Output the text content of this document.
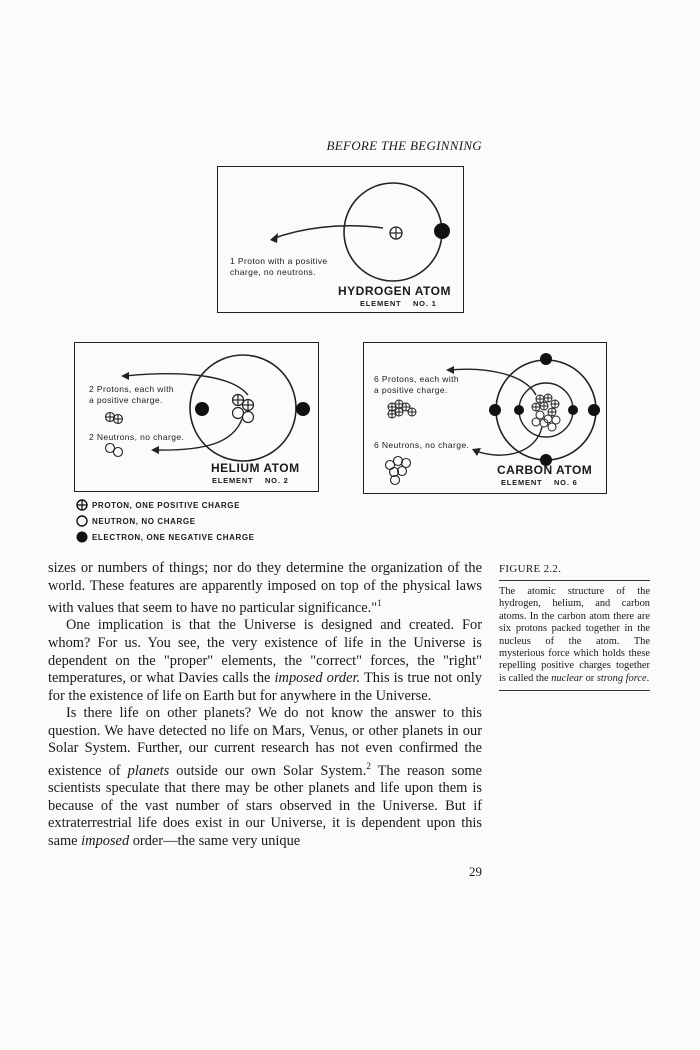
BEFORE THE BEGINNING
1 Proton with a positive
charge, no neutrons.
HYDROGEN ATOM
ELEMENT    NO. 1
2 Protons, each with
a positive charge.
2 Neutrons, no charge.
HELIUM ATOM
ELEMENT    NO. 2
6 Protons, each with
a positive charge.
6 Neutrons, no charge.
CARBON ATOM
ELEMENT    NO. 6
PROTON, ONE POSITIVE CHARGE
NEUTRON, NO CHARGE
ELECTRON, ONE NEGATIVE CHARGE

sizes or numbers of things; nor do they determine the organization of the world. These features are apparently imposed on top of the physical laws with values that seem to have no particular significance."$^1$

One implication is that the Universe is designed and created. For whom? For us. You see, the very existence of life in the Universe is dependent on the "proper" elements, the "correct" forces, the "right" temperatures, or what Davies calls the imposed order. This is true not only for the existence of life on Earth but for anywhere in the Universe.

Is there life on other planets? We do not know the answer to this question. We have detected no life on Mars, Venus, or other planets in our Solar System. Further, our current research has not even confirmed the existence of planets outside our own Solar System.$^2$ The reason some scientists speculate that there may be other planets and life upon them is because of the vast number of stars observed in the Universe. But if extraterrestrial life does exist in our Universe, it is dependent upon this same imposed order—the same very unique

FIGURE 2.2.
The atomic structure of the hydrogen, helium, and carbon atoms. In the carbon atom there are six protons packed together in the nucleus of the atom. The mysterious force which holds these repelling positive charges together is called the nuclear or strong force.
29
